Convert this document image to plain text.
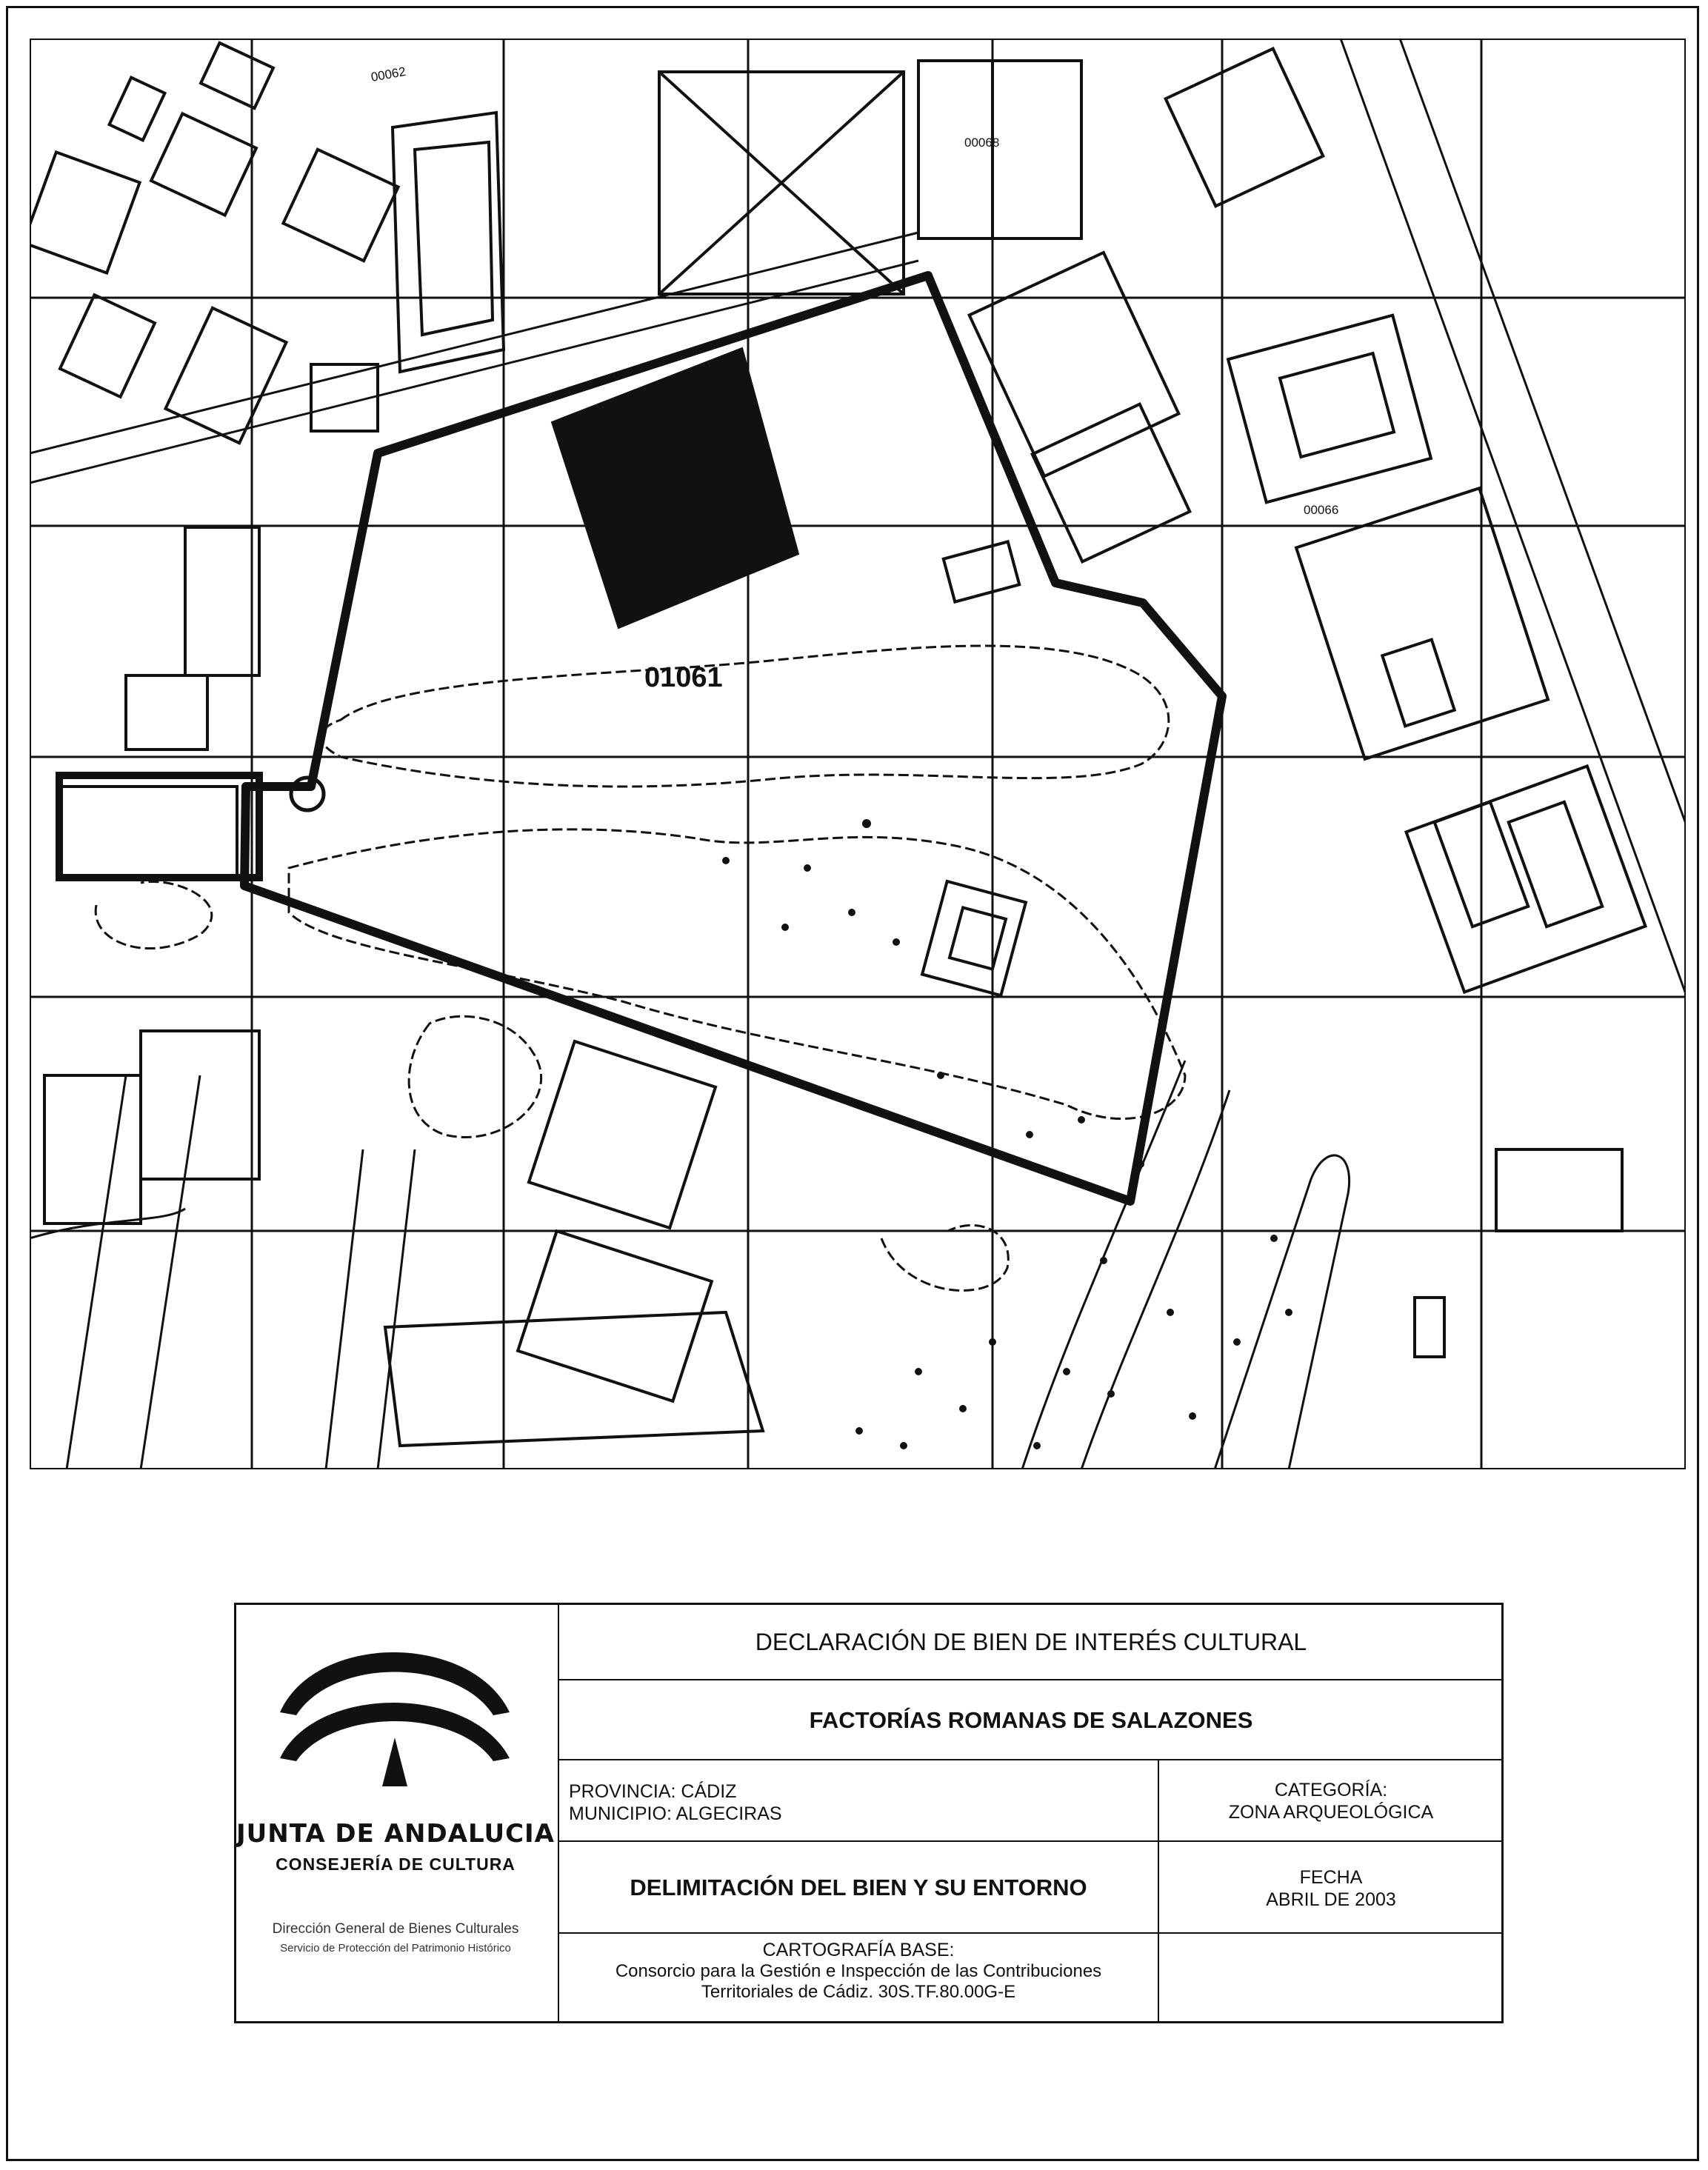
01061
00062
00068
00066
JUNTA DE ANDALUCIA
CONSEJERÍA DE CULTURA
Dirección General de Bienes Culturales
Servicio de Protección del Patrimonio Histórico
DECLARACIÓN DE BIEN DE INTERÉS CULTURAL
FACTORÍAS ROMANAS DE SALAZONES
PROVINCIA: CÁDIZ
MUNICIPIO: ALGECIRAS
CATEGORÍA:
ZONA ARQUEOLÓGICA
DELIMITACIÓN DEL BIEN Y SU ENTORNO	FECHA
ABRIL DE 2003
CARTOGRAFÍA BASE:
Consorcio para la Gestión e Inspección de las Contribuciones
Territoriales de Cádiz. 30S.TF.80.00G-E
